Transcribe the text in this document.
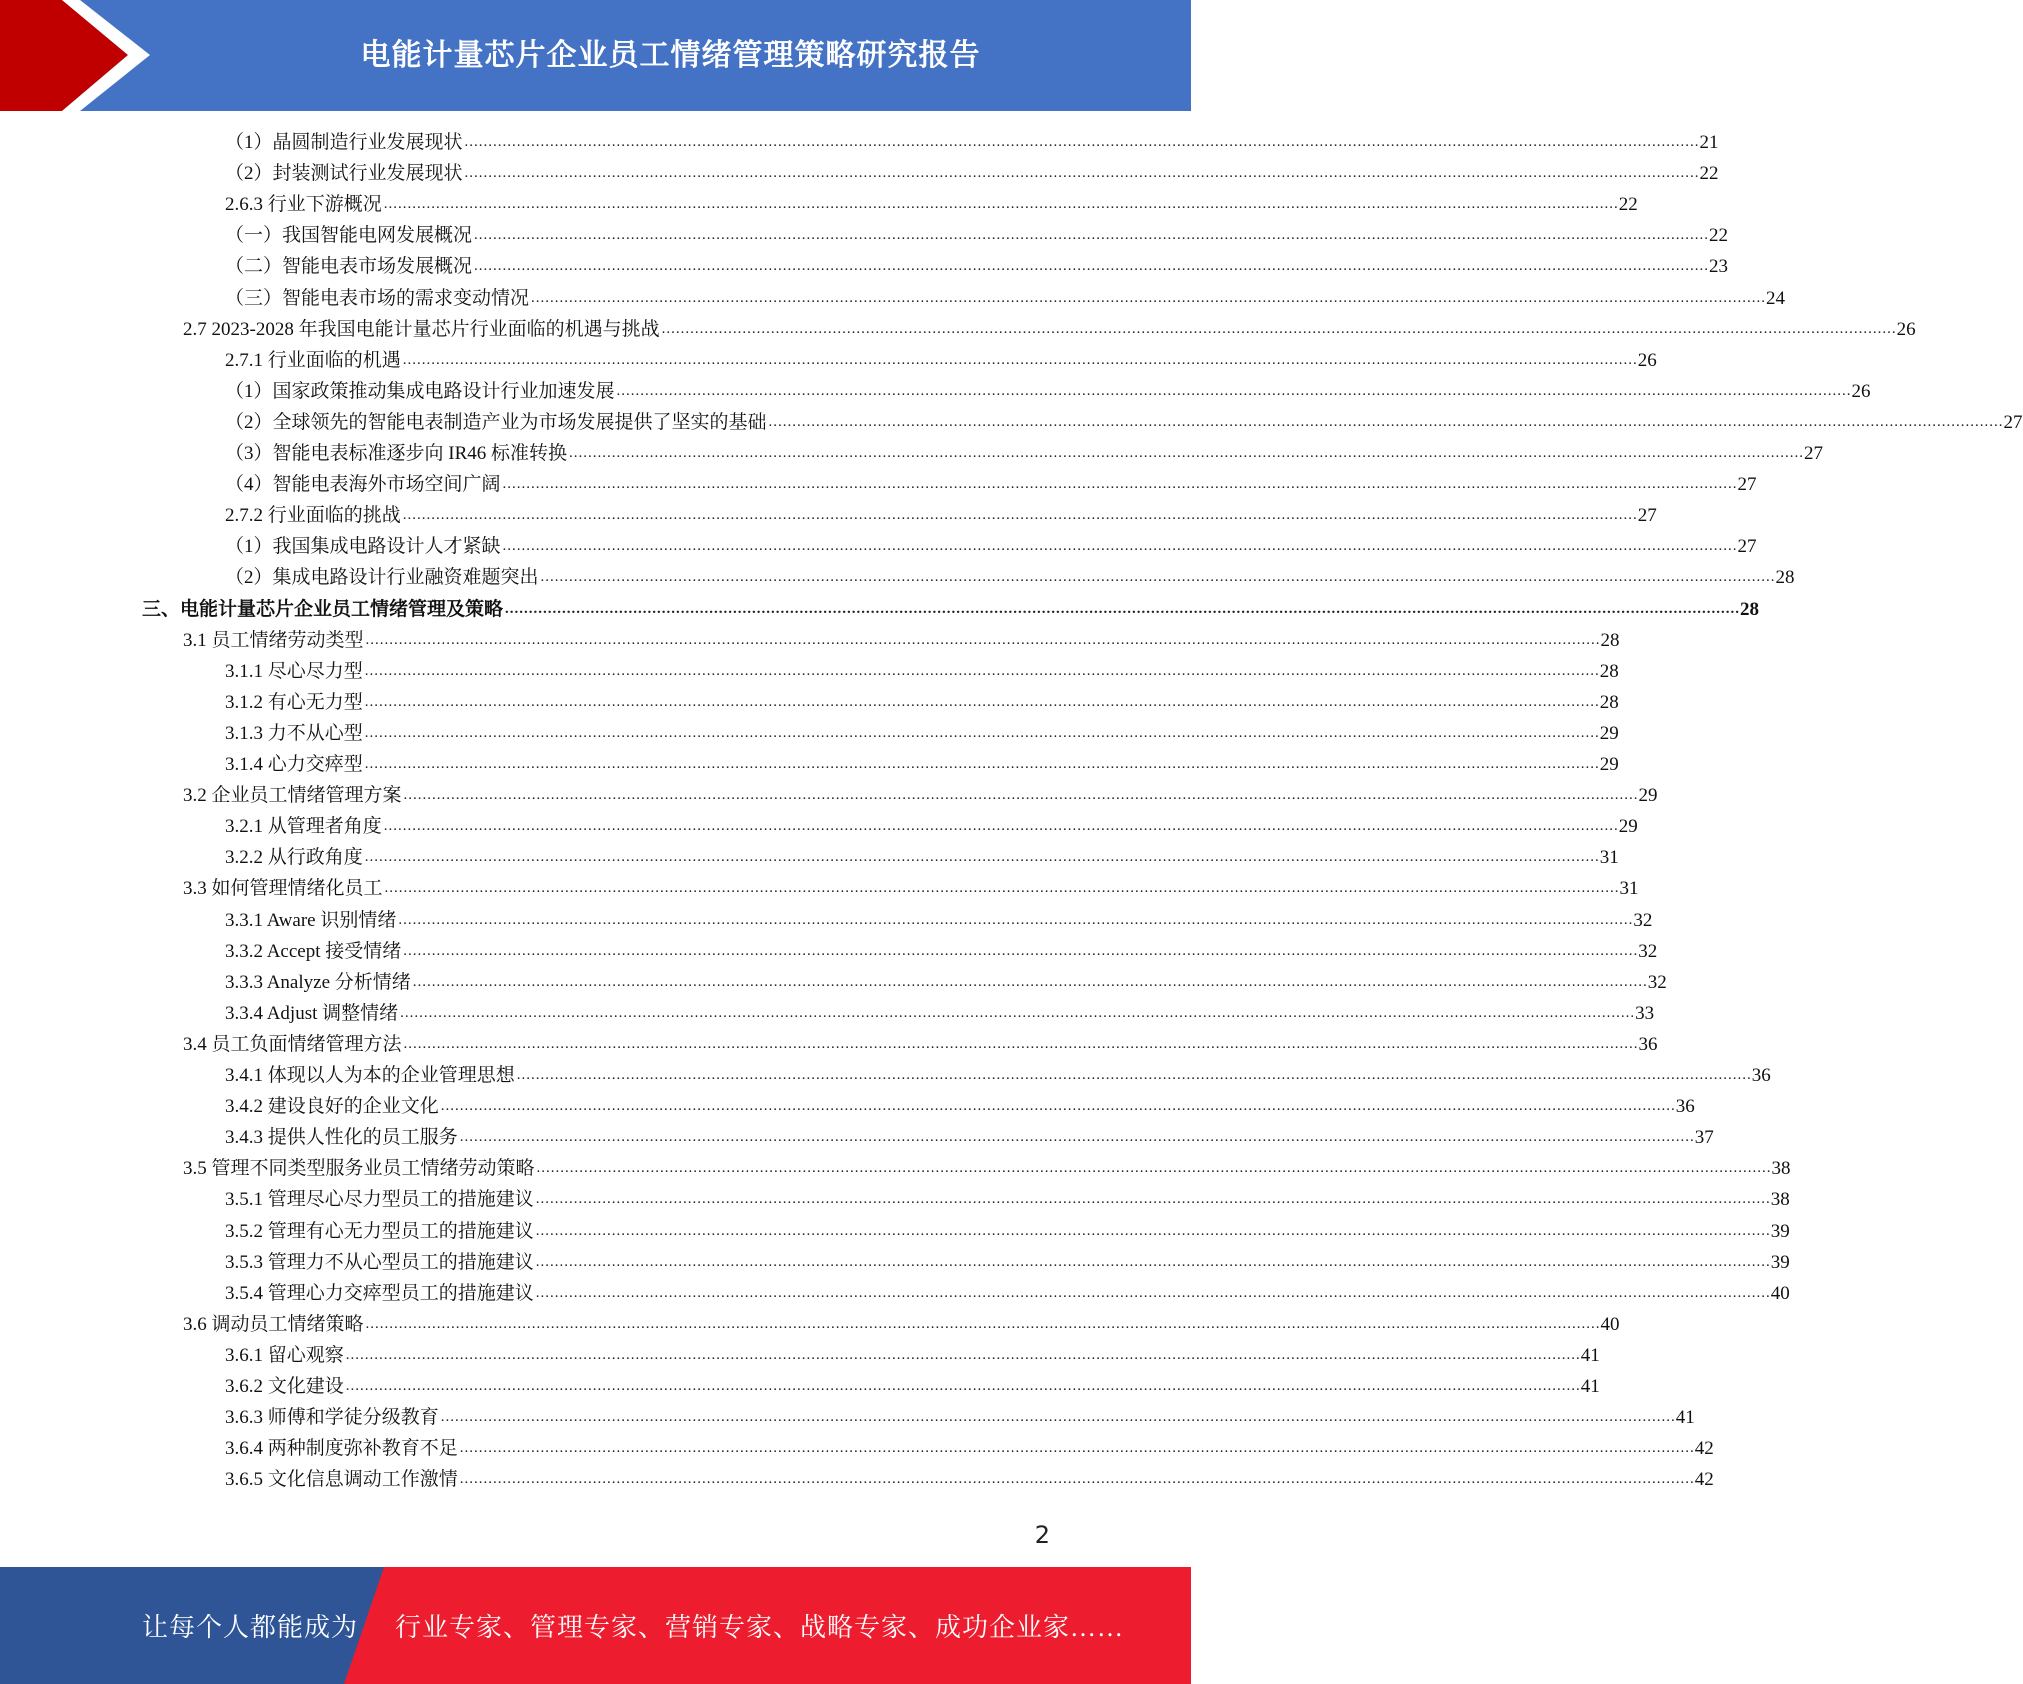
电能计量芯片企业员工情绪管理策略研究报告
（1）晶圆制造行业发展现状 .................................................................................................................................................................................................................................................................... 21
（2）封装测试行业发展现状 .................................................................................................................................................................................................................................................................... 22
2.6.3 行业下游概况 .................................................................................................................................................................................................................................................................... 22
（一）我国智能电网发展概况 .................................................................................................................................................................................................................................................................... 22
（二）智能电表市场发展概况 .................................................................................................................................................................................................................................................................... 23
（三）智能电表市场的需求变动情况 .................................................................................................................................................................................................................................................................... 24
2.7 2023-2028 年我国电能计量芯片行业面临的机遇与挑战 .................................................................................................................................................................................................................................................................... 26
2.7.1 行业面临的机遇 .................................................................................................................................................................................................................................................................... 26
（1）国家政策推动集成电路设计行业加速发展 .................................................................................................................................................................................................................................................................... 26
（2）全球领先的智能电表制造产业为市场发展提供了坚实的基础 .................................................................................................................................................................................................................................................................... 27
（3）智能电表标准逐步向 IR46 标准转换 .................................................................................................................................................................................................................................................................... 27
（4）智能电表海外市场空间广阔 .................................................................................................................................................................................................................................................................... 27
2.7.2 行业面临的挑战 .................................................................................................................................................................................................................................................................... 27
（1）我国集成电路设计人才紧缺 .................................................................................................................................................................................................................................................................... 27
（2）集成电路设计行业融资难题突出 .................................................................................................................................................................................................................................................................... 28
三、电能计量芯片企业员工情绪管理及策略 .................................................................................................................................................................................................................................................................... 28
3.1 员工情绪劳动类型 .................................................................................................................................................................................................................................................................... 28
3.1.1 尽心尽力型 .................................................................................................................................................................................................................................................................... 28
3.1.2 有心无力型 .................................................................................................................................................................................................................................................................... 28
3.1.3 力不从心型 .................................................................................................................................................................................................................................................................... 29
3.1.4 心力交瘁型 .................................................................................................................................................................................................................................................................... 29
3.2 企业员工情绪管理方案 .................................................................................................................................................................................................................................................................... 29
3.2.1 从管理者角度 .................................................................................................................................................................................................................................................................... 29
3.2.2 从行政角度 .................................................................................................................................................................................................................................................................... 31
3.3 如何管理情绪化员工 .................................................................................................................................................................................................................................................................... 31
3.3.1 Aware 识别情绪 .................................................................................................................................................................................................................................................................... 32
3.3.2 Accept 接受情绪 .................................................................................................................................................................................................................................................................... 32
3.3.3 Analyze 分析情绪 .................................................................................................................................................................................................................................................................... 32
3.3.4 Adjust 调整情绪 .................................................................................................................................................................................................................................................................... 33
3.4 员工负面情绪管理方法 .................................................................................................................................................................................................................................................................... 36
3.4.1 体现以人为本的企业管理思想 .................................................................................................................................................................................................................................................................... 36
3.4.2 建设良好的企业文化 .................................................................................................................................................................................................................................................................... 36
3.4.3 提供人性化的员工服务 .................................................................................................................................................................................................................................................................... 37
3.5 管理不同类型服务业员工情绪劳动策略 .................................................................................................................................................................................................................................................................... 38
3.5.1 管理尽心尽力型员工的措施建议 .................................................................................................................................................................................................................................................................... 38
3.5.2 管理有心无力型员工的措施建议 .................................................................................................................................................................................................................................................................... 39
3.5.3 管理力不从心型员工的措施建议 .................................................................................................................................................................................................................................................................... 39
3.5.4 管理心力交瘁型员工的措施建议 .................................................................................................................................................................................................................................................................... 40
3.6 调动员工情绪策略 .................................................................................................................................................................................................................................................................... 40
3.6.1 留心观察 .................................................................................................................................................................................................................................................................... 41
3.6.2 文化建设 .................................................................................................................................................................................................................................................................... 41
3.6.3 师傅和学徒分级教育 .................................................................................................................................................................................................................................................................... 41
3.6.4 两种制度弥补教育不足 .................................................................................................................................................................................................................................................................... 42
3.6.5 文化信息调动工作激情 .................................................................................................................................................................................................................................................................... 42
2
让每个人都能成为 行业专家、管理专家、营销专家、战略专家、成功企业家……
